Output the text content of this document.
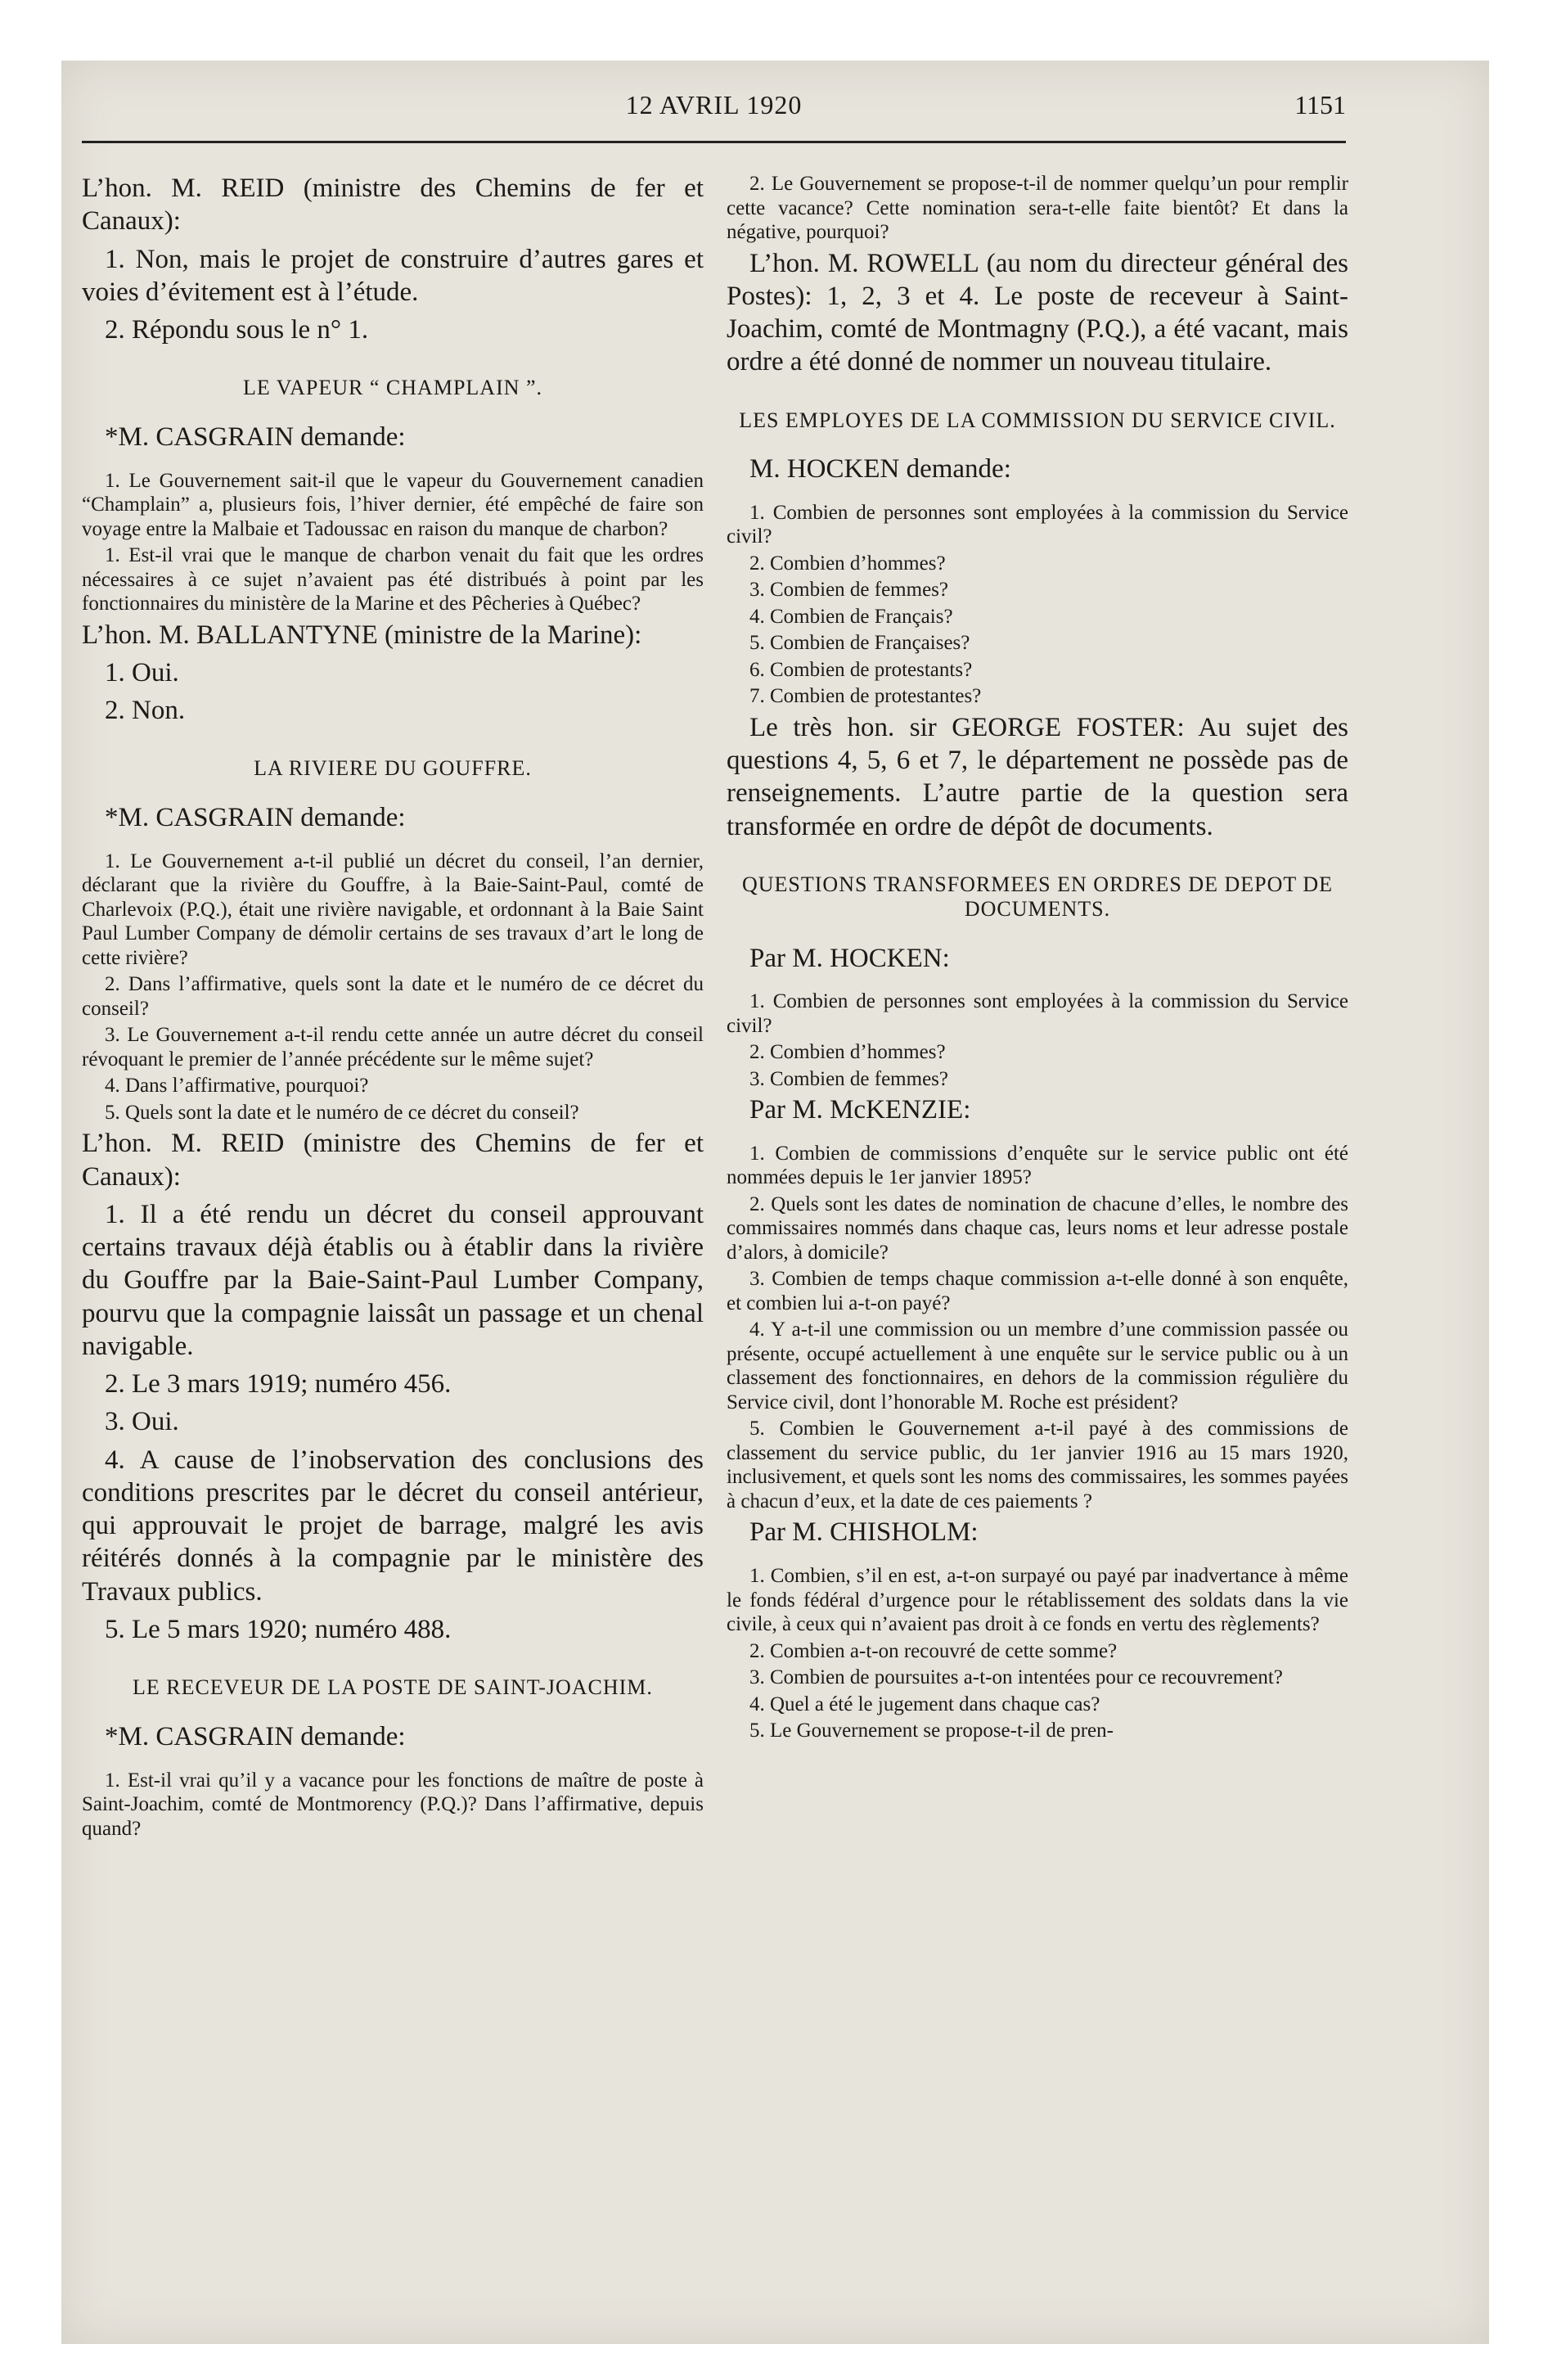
12 AVRIL 1920	1151

L’hon. M. REID (ministre des Chemins de fer et Canaux):

1. Non, mais le projet de construire d’autres gares et voies d’évitement est à l’étude.

2. Répondu sous le n° 1.

LE VAPEUR “ CHAMPLAIN ”.

*M. CASGRAIN demande:

1. Le Gouvernement sait-il que le vapeur du Gouvernement canadien “Champlain” a, plusieurs fois, l’hiver dernier, été empêché de faire son voyage entre la Malbaie et Tadoussac en raison du manque de charbon?

1. Est-il vrai que le manque de charbon venait du fait que les ordres nécessaires à ce sujet n’avaient pas été distribués à point par les fonctionnaires du ministère de la Marine et des Pêcheries à Québec?

L’hon. M. BALLANTYNE (ministre de la Marine):

1. Oui.

2. Non.

LA RIVIERE DU GOUFFRE.

*M. CASGRAIN demande:

1. Le Gouvernement a-t-il publié un décret du conseil, l’an dernier, déclarant que la rivière du Gouffre, à la Baie-Saint-Paul, comté de Charlevoix (P.Q.), était une rivière navigable, et ordonnant à la Baie Saint Paul Lumber Company de démolir certains de ses travaux d’art le long de cette rivière?

2. Dans l’affirmative, quels sont la date et le numéro de ce décret du conseil?

3. Le Gouvernement a-t-il rendu cette année un autre décret du conseil révoquant le premier de l’année précédente sur le même sujet?

4. Dans l’affirmative, pourquoi?

5. Quels sont la date et le numéro de ce décret du conseil?

L’hon. M. REID (ministre des Chemins de fer et Canaux):

1. Il a été rendu un décret du conseil approuvant certains travaux déjà établis ou à établir dans la rivière du Gouffre par la Baie-Saint-Paul Lumber Company, pourvu que la compagnie laissât un passage et un chenal navigable.

2. Le 3 mars 1919; numéro 456.

3. Oui.

4. A cause de l’inobservation des conclusions des conditions prescrites par le décret du conseil antérieur, qui approuvait le projet de barrage, malgré les avis réitérés donnés à la compagnie par le ministère des Travaux publics.

5. Le 5 mars 1920; numéro 488.

LE RECEVEUR DE LA POSTE DE SAINT-JOACHIM.

*M. CASGRAIN demande:

1. Est-il vrai qu’il y a vacance pour les fonctions de maître de poste à Saint-Joachim, comté de Montmorency (P.Q.)? Dans l’affirmative, depuis quand?

2. Le Gouvernement se propose-t-il de nommer quelqu’un pour remplir cette vacance? Cette nomination sera-t-elle faite bientôt? Et dans la négative, pourquoi?

L’hon. M. ROWELL (au nom du directeur général des Postes): 1, 2, 3 et 4. Le poste de receveur à Saint-Joachim, comté de Montmagny (P.Q.), a été vacant, mais ordre a été donné de nommer un nouveau titulaire.

LES EMPLOYES DE LA COMMISSION DU SERVICE CIVIL.

M. HOCKEN demande:

1. Combien de personnes sont employées à la commission du Service civil?

2. Combien d’hommes?

3. Combien de femmes?

4. Combien de Français?

5. Combien de Françaises?

6. Combien de protestants?

7. Combien de protestantes?

Le très hon. sir GEORGE FOSTER: Au sujet des questions 4, 5, 6 et 7, le département ne possède pas de renseignements. L’autre partie de la question sera transformée en ordre de dépôt de documents.

QUESTIONS TRANSFORMEES EN ORDRES DE DEPOT DE DOCUMENTS.

Par M. HOCKEN:

1. Combien de personnes sont employées à la commission du Service civil?

2. Combien d’hommes?

3. Combien de femmes?

Par M. McKENZIE:

1. Combien de commissions d’enquête sur le service public ont été nommées depuis le 1er janvier 1895?

2. Quels sont les dates de nomination de chacune d’elles, le nombre des commissaires nommés dans chaque cas, leurs noms et leur adresse postale d’alors, à domicile?

3. Combien de temps chaque commission a-t-elle donné à son enquête, et combien lui a-t-on payé?

4. Y a-t-il une commission ou un membre d’une commission passée ou présente, occupé actuellement à une enquête sur le service public ou à un classement des fonctionnaires, en dehors de la commission régulière du Service civil, dont l’honorable M. Roche est président?

5. Combien le Gouvernement a-t-il payé à des commissions de classement du service public, du 1er janvier 1916 au 15 mars 1920, inclusivement, et quels sont les noms des commissaires, les sommes payées à chacun d’eux, et la date de ces paiements ?

Par M. CHISHOLM:

1. Combien, s’il en est, a-t-on surpayé ou payé par inadvertance à même le fonds fédéral d’urgence pour le rétablissement des soldats dans la vie civile, à ceux qui n’avaient pas droit à ce fonds en vertu des règlements?

2. Combien a-t-on recouvré de cette somme?

3. Combien de poursuites a-t-on intentées pour ce recouvrement?

4. Quel a été le jugement dans chaque cas?

5. Le Gouvernement se propose-t-il de pren-
